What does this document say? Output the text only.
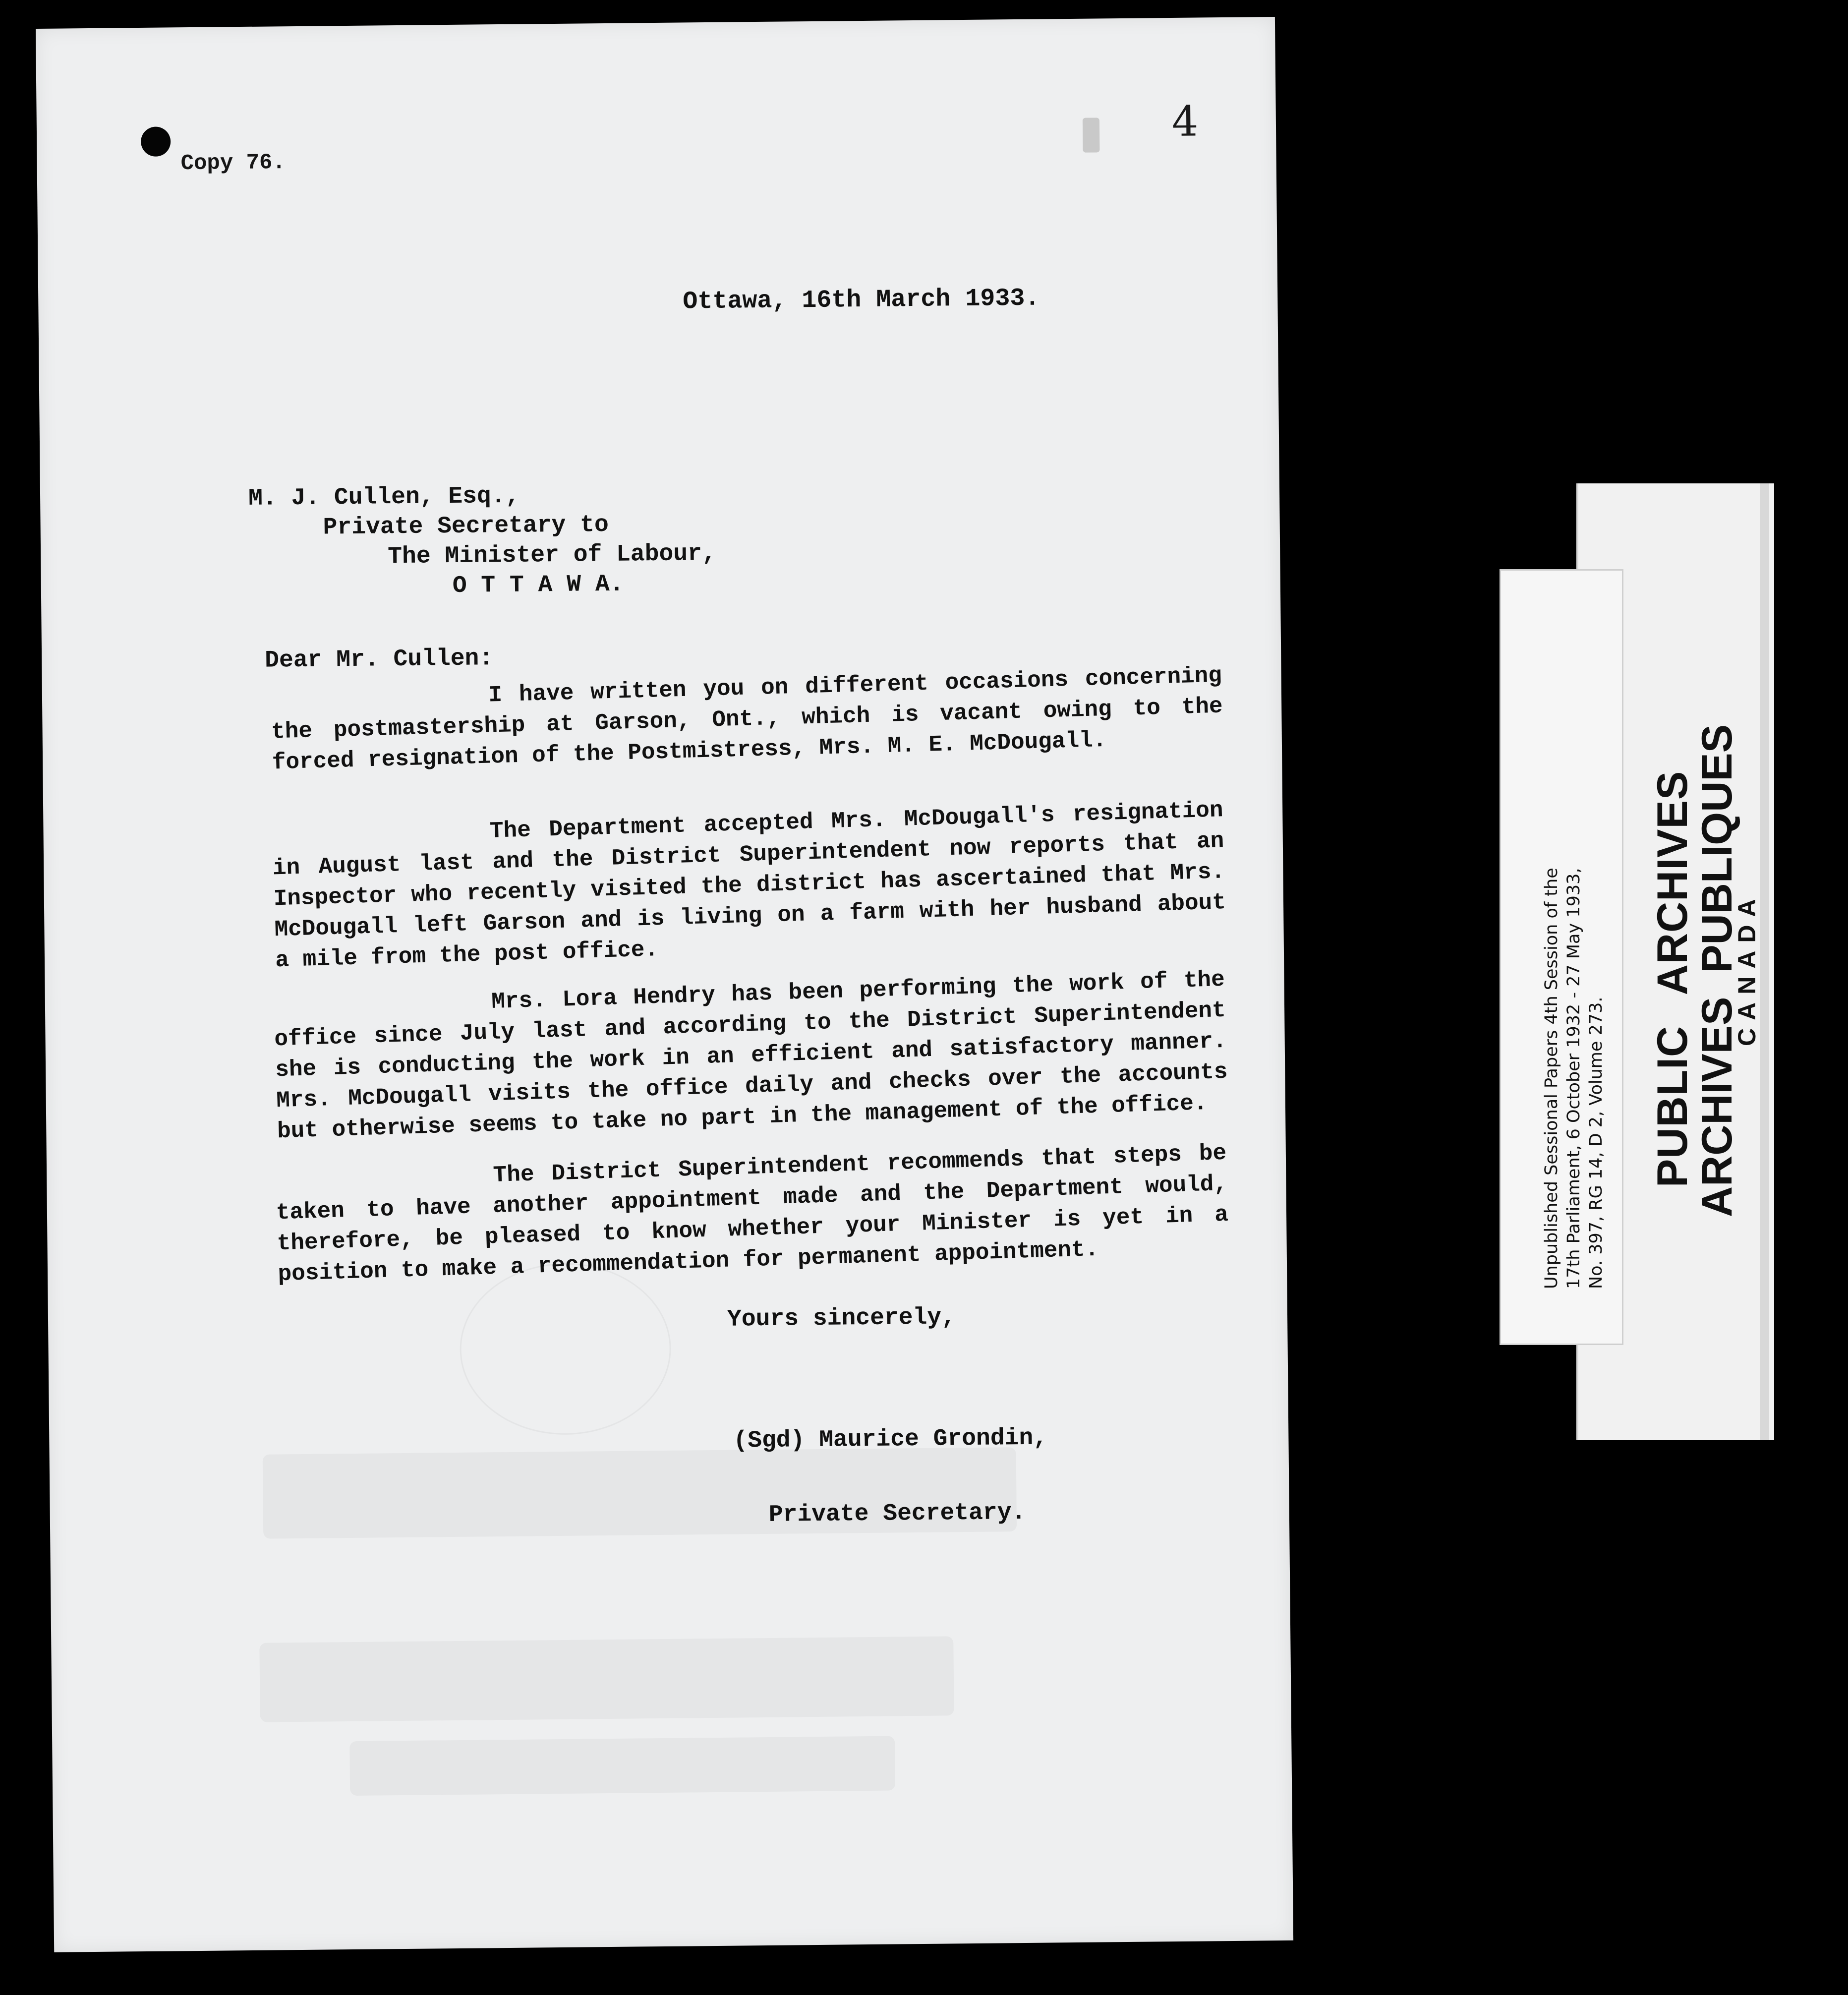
Copy 76.
4
Ottawa, 16th March 1933.
M. J. Cullen, Esq.,
Private Secretary to
The Minister of Labour,
O T T A W A.
Dear Mr. Cullen:

I have written you on different occasions concerning the postmastership at Garson, Ont., which is vacant owing to the forced resignation of the Postmistress, Mrs. M. E. McDougall.

The Department accepted Mrs. McDougall's resignation in August last and the District Superintendent now reports that an Inspector who recently visited the district has ascertained that Mrs. McDougall left Garson and is living on a farm with her husband about a mile from the post office.

Mrs. Lora Hendry has been performing the work of the office since July last and according to the District Superintendent she is conducting the work in an efficient and satisfactory manner. Mrs. McDougall visits the office daily and checks over the accounts but otherwise seems to take no part in the management of the office.

The District Superintendent recommends that steps be taken to have another appointment made and the Department would, therefore, be pleased to know whether your Minister is yet in a position to make a recommendation for permanent appointment.

Yours sincerely,
(Sgd) Maurice Grondin,
Private Secretary.
Unpublished Sessional Papers 4th Session of the
17th Parliament, 6 October 1932 - 27 May 1933,
No. 397, RG 14, D 2, Volume 273. PUBLIC ARCHIVES
ARCHIVES PUBLIQUES
CANADA
